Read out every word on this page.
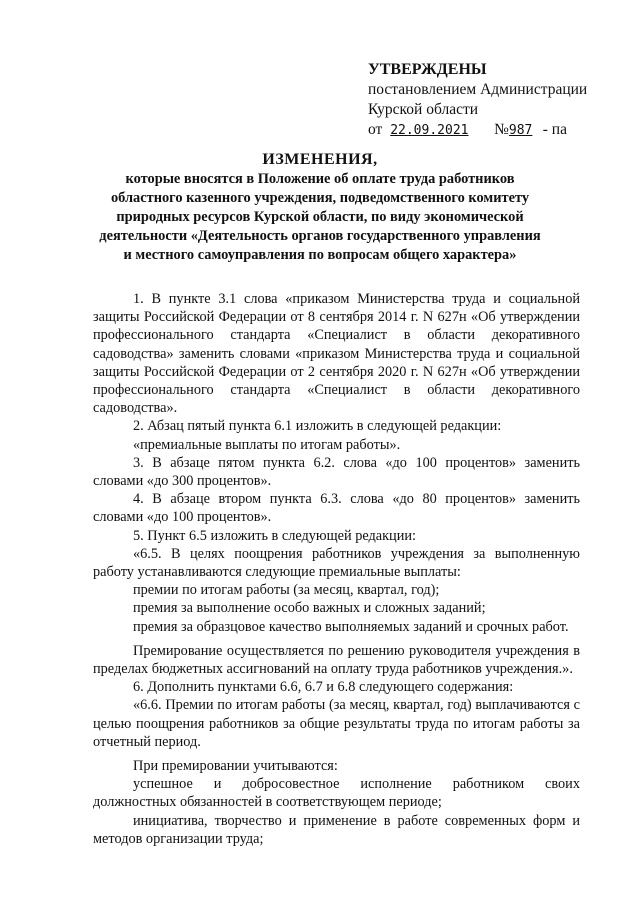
УТВЕРЖДЕНЫ
постановлением Администрации
Курской области
от 22.09.2021 №987 - па
ИЗМЕНЕНИЯ,
которые вносятся в Положение об оплате труда работников
областного казенного учреждения, подведомственного комитету
природных ресурсов Курской области, по виду экономической
деятельности «Деятельность органов государственного управления
и местного самоуправления по вопросам общего характера»

1. В пункте 3.1 слова «приказом Министерства труда и социальной защиты Российской Федерации от 8 сентября 2014 г. N 627н «Об утверждении профессионального стандарта «Специалист в области декоративного садоводства» заменить словами «приказом Министерства труда и социальной защиты Российской Федерации от 2 сентября 2020 г. N 627н «Об утверждении профессионального стандарта «Специалист в области декоративного садоводства».

2. Абзац пятый пункта 6.1 изложить в следующей редакции:

«премиальные выплаты по итогам работы».

3. В абзаце пятом пункта 6.2. слова «до 100 процентов» заменить словами «до 300 процентов».

4. В абзаце втором пункта 6.3. слова «до 80 процентов» заменить словами «до 100 процентов».

5. Пункт 6.5 изложить в следующей редакции:

«6.5. В целях поощрения работников учреждения за выполненную работу устанавливаются следующие премиальные выплаты:

премии по итогам работы (за месяц, квартал, год);

премия за выполнение особо важных и сложных заданий;

премия за образцовое качество выполняемых заданий и срочных работ.

Премирование осуществляется по решению руководителя учреждения в пределах бюджетных ассигнований на оплату труда работников учреждения.».

6. Дополнить пунктами 6.6, 6.7 и 6.8 следующего содержания:

«6.6. Премии по итогам работы (за месяц, квартал, год) выплачиваются с целью поощрения работников за общие результаты труда по итогам работы за отчетный период.

При премировании учитываются:

успешное и добросовестное исполнение работником своих должностных обязанностей в соответствующем периоде;

инициатива, творчество и применение в работе современных форм и методов организации труда;
